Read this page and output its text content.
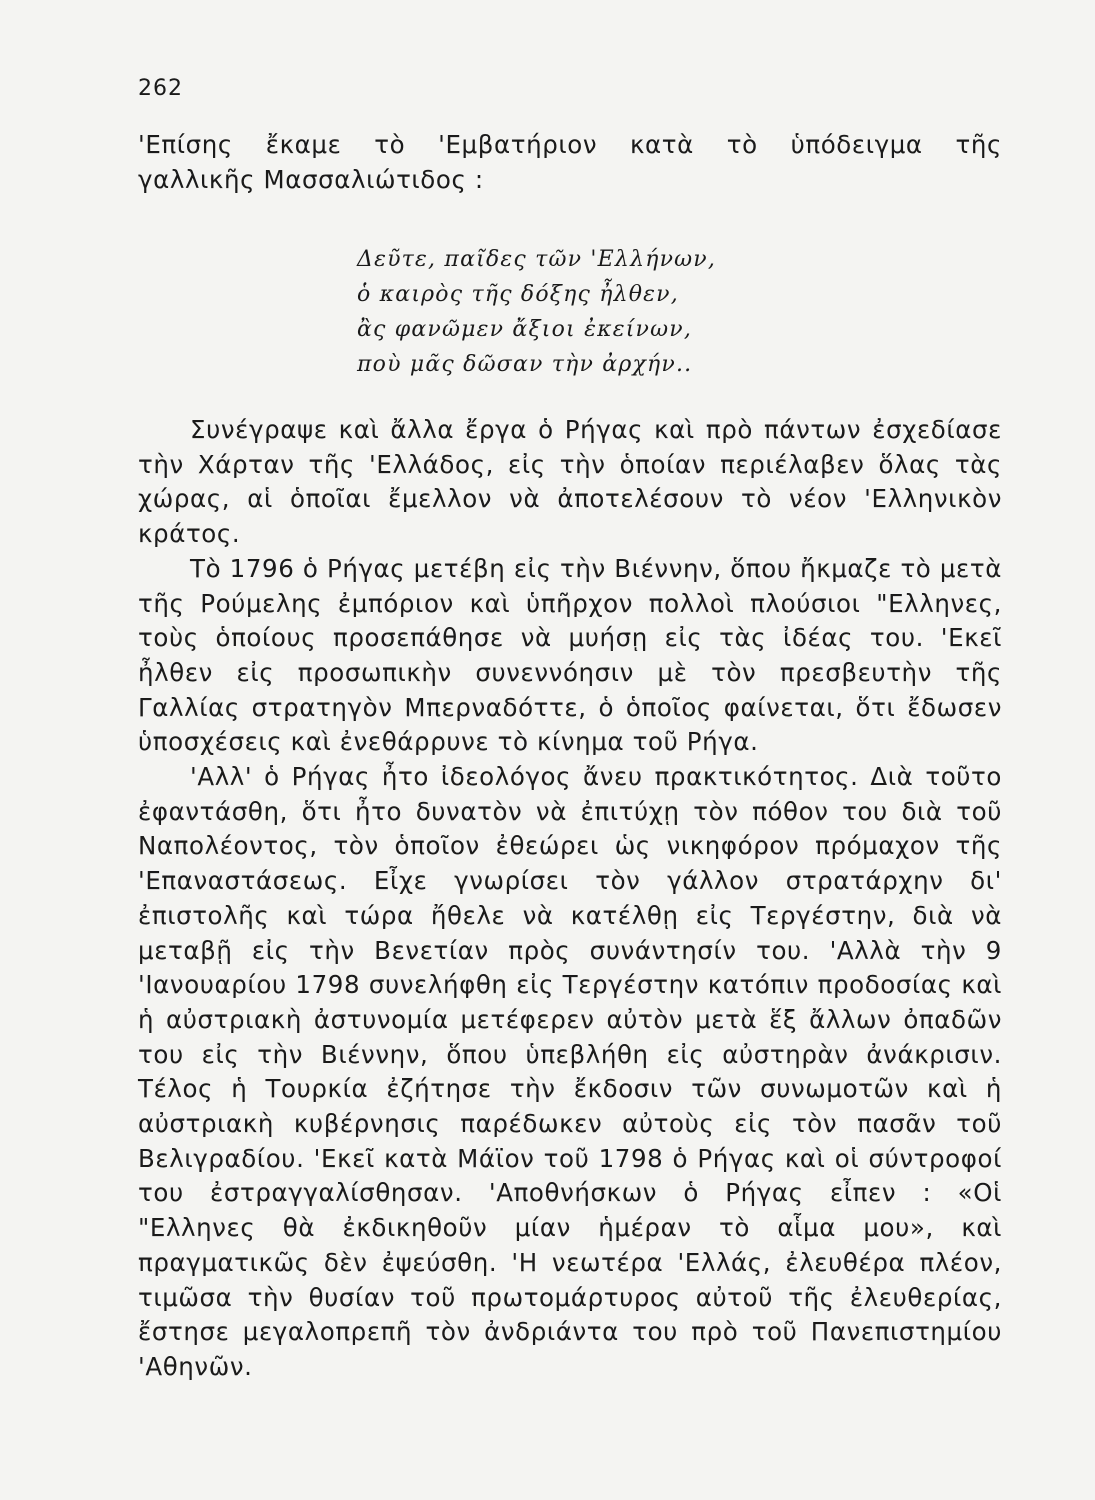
262
'Επίσης ἔκαμε τὸ 'Εμβατήριον κατὰ τὸ ὑπόδειγμα τῆς
γαλλικῆς Μασσαλιώτιδος :
Δεῦτε, παῖδες τῶν 'Ελλήνων,
ὁ καιρὸς τῆς δόξης ἦλθεν,
ἂς φανῶμεν ἄξιοι ἐκείνων,
ποὺ μᾶς δῶσαν τὴν ἀρχήν..

Συνέγραψε καὶ ἄλλα ἔργα ὁ Ρήγας καὶ πρὸ πάντων ἐσχεδίασε τὴν Χάρταν τῆς 'Ελλάδος, εἰς τὴν ὁποίαν περιέλαβεν ὅλας τὰς χώρας, αἱ ὁποῖαι ἔμελλον νὰ ἀποτελέσουν τὸ νέον 'Ελληνικὸν κράτος.

Τὸ 1796 ὁ Ρήγας μετέβη εἰς τὴν Βιέννην, ὅπου ἤκμαζε τὸ μετὰ τῆς Ρούμελης ἐμπόριον καὶ ὑπῆρχον πολλοὶ πλούσιοι "Ελληνες, τοὺς ὁποίους προσεπάθησε νὰ μυήσῃ εἰς τὰς ἰδέας του. 'Εκεῖ ἦλθεν εἰς προσωπικὴν συνεννόησιν μὲ τὸν πρεσβευτὴν τῆς Γαλλίας στρατηγὸν Μπερναδόττε, ὁ ὁποῖος φαίνεται, ὅτι ἔδωσεν ὑποσχέσεις καὶ ἐνεθάρρυνε τὸ κίνημα τοῦ Ρήγα.

'Αλλ' ὁ Ρήγας ἦτο ἰδεολόγος ἄνευ πρακτικότητος. Διὰ τοῦτο ἐφαντάσθη, ὅτι ἦτο δυνατὸν νὰ ἐπιτύχῃ τὸν πόθον του διὰ τοῦ Ναπολέοντος, τὸν ὁποῖον ἐθεώρει ὡς νικηφόρον πρόμαχον τῆς 'Επαναστάσεως. Εἶχε γνωρίσει τὸν γάλλον στρατάρχην δι' ἐπιστολῆς καὶ τώρα ἤθελε νὰ κατέλθῃ εἰς Τεργέστην, διὰ νὰ μεταβῇ εἰς τὴν Βενετίαν πρὸς συνάντησίν του. 'Αλλὰ τὴν 9 'Ιανουαρίου 1798 συνελήφθη εἰς Τεργέστην κατόπιν προδοσίας καὶ ἡ αὐστριακὴ ἀστυνομία μετέφερεν αὐτὸν μετὰ ἕξ ἄλλων ὀπαδῶν του εἰς τὴν Βιέννην, ὅπου ὑπεβλήθη εἰς αὐστηρὰν ἀνάκρισιν. Τέλος ἡ Τουρκία ἐζήτησε τὴν ἔκδοσιν τῶν συνωμοτῶν καὶ ἡ αὐστριακὴ κυβέρνησις παρέδωκεν αὐτοὺς εἰς τὸν πασᾶν τοῦ Βελιγραδίου. 'Εκεῖ κατὰ Μάϊον τοῦ 1798 ὁ Ρήγας καὶ οἱ σύντροφοί του ἐστραγγαλίσθησαν. 'Αποθνήσκων ὁ Ρήγας εἶπεν : «Οἱ "Ελληνες θὰ ἐκδικηθοῦν μίαν ἡμέραν τὸ αἷμα μου», καὶ πραγματικῶς δὲν ἐψεύσθη. 'Η νεωτέρα 'Ελλάς, ἐλευθέρα πλέον, τιμῶσα τὴν θυσίαν τοῦ πρωτομάρτυρος αὐτοῦ τῆς ἐλευθερίας, ἔστησε μεγαλοπρεπῆ τὸν ἀνδριάντα του πρὸ τοῦ Πανεπιστημίου 'Αθηνῶν.
